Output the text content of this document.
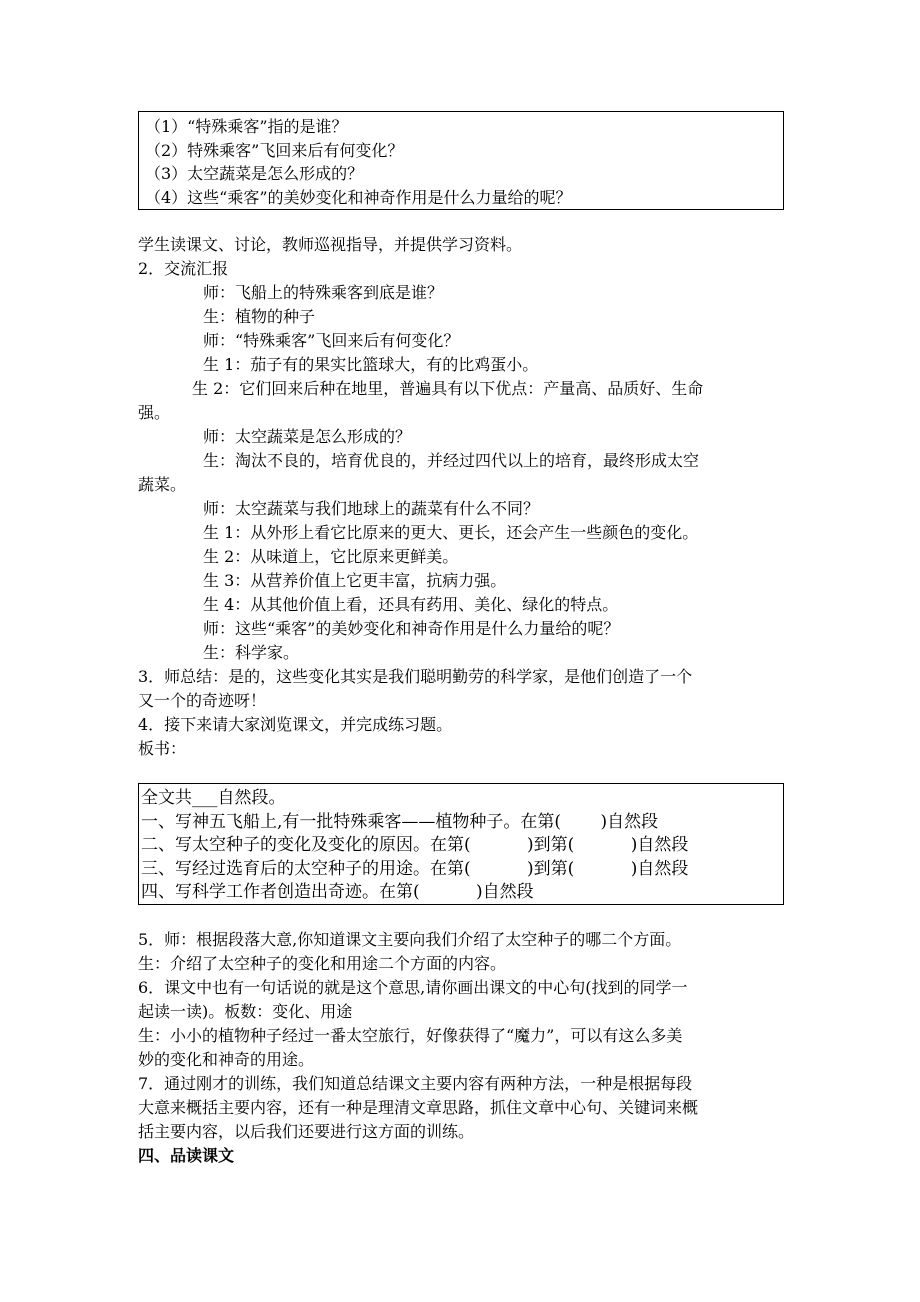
（1）“特殊乘客”指的是谁？
（2）特殊乘客”飞回来后有何变化？
（3）太空蔬菜是怎么形成的？
（4）这些“乘客”的美妙变化和神奇作用是什么力量给的呢？
学生读课文、讨论，教师巡视指导，并提供学习资料。
2．交流汇报
师：飞船上的特殊乘客到底是谁？
生：植物的种子
师：“特殊乘客”飞回来后有何变化？
生 1：茄子有的果实比篮球大，有的比鸡蛋小。
生 2：它们回来后种在地里，普遍具有以下优点：产量高、品质好、生命
强。
师：太空蔬菜是怎么形成的？
生：淘汰不良的，培育优良的，并经过四代以上的培育，最终形成太空
蔬菜。
师：太空蔬菜与我们地球上的蔬菜有什么不同？
生 1：从外形上看它比原来的更大、更长，还会产生一些颜色的变化。
生 2：从味道上，它比原来更鲜美。
生 3：从营养价值上它更丰富，抗病力强。
生 4：从其他价值上看，还具有药用、美化、绿化的特点。
师：这些“乘客”的美妙变化和神奇作用是什么力量给的呢？
生：科学家。
3．师总结：是的，这些变化其实是我们聪明勤劳的科学家，是他们创造了一个
又一个的奇迹呀！
4．接下来请大家浏览课文，并完成练习题。
板书：
全文共___自然段。
一、写神五飞船上,有一批特殊乘客——植物种子。在第(　　 )自然段
二、写太空种子的变化及变化的原因。在第(　　　 )到第(　　　 )自然段
三、写经过选育后的太空种子的用途。在第(　　　 )到第(　　　 )自然段
四、写科学工作者创造出奇迹。在第(　　　 )自然段
5．师：根据段落大意,你知道课文主要向我们介绍了太空种子的哪二个方面。
生：介绍了太空种子的变化和用途二个方面的内容。
6．课文中也有一句话说的就是这个意思,请你画出课文的中心句(找到的同学一
起读一读)。板数：变化、用途
生：小小的植物种子经过一番太空旅行，好像获得了“魔力”，可以有这么多美
妙的变化和神奇的用途。
7．通过刚才的训练，我们知道总结课文主要内容有两种方法，一种是根据每段
大意来概括主要内容，还有一种是理清文章思路，抓住文章中心句、关键词来概
括主要内容，以后我们还要进行这方面的训练。
四、品读课文
